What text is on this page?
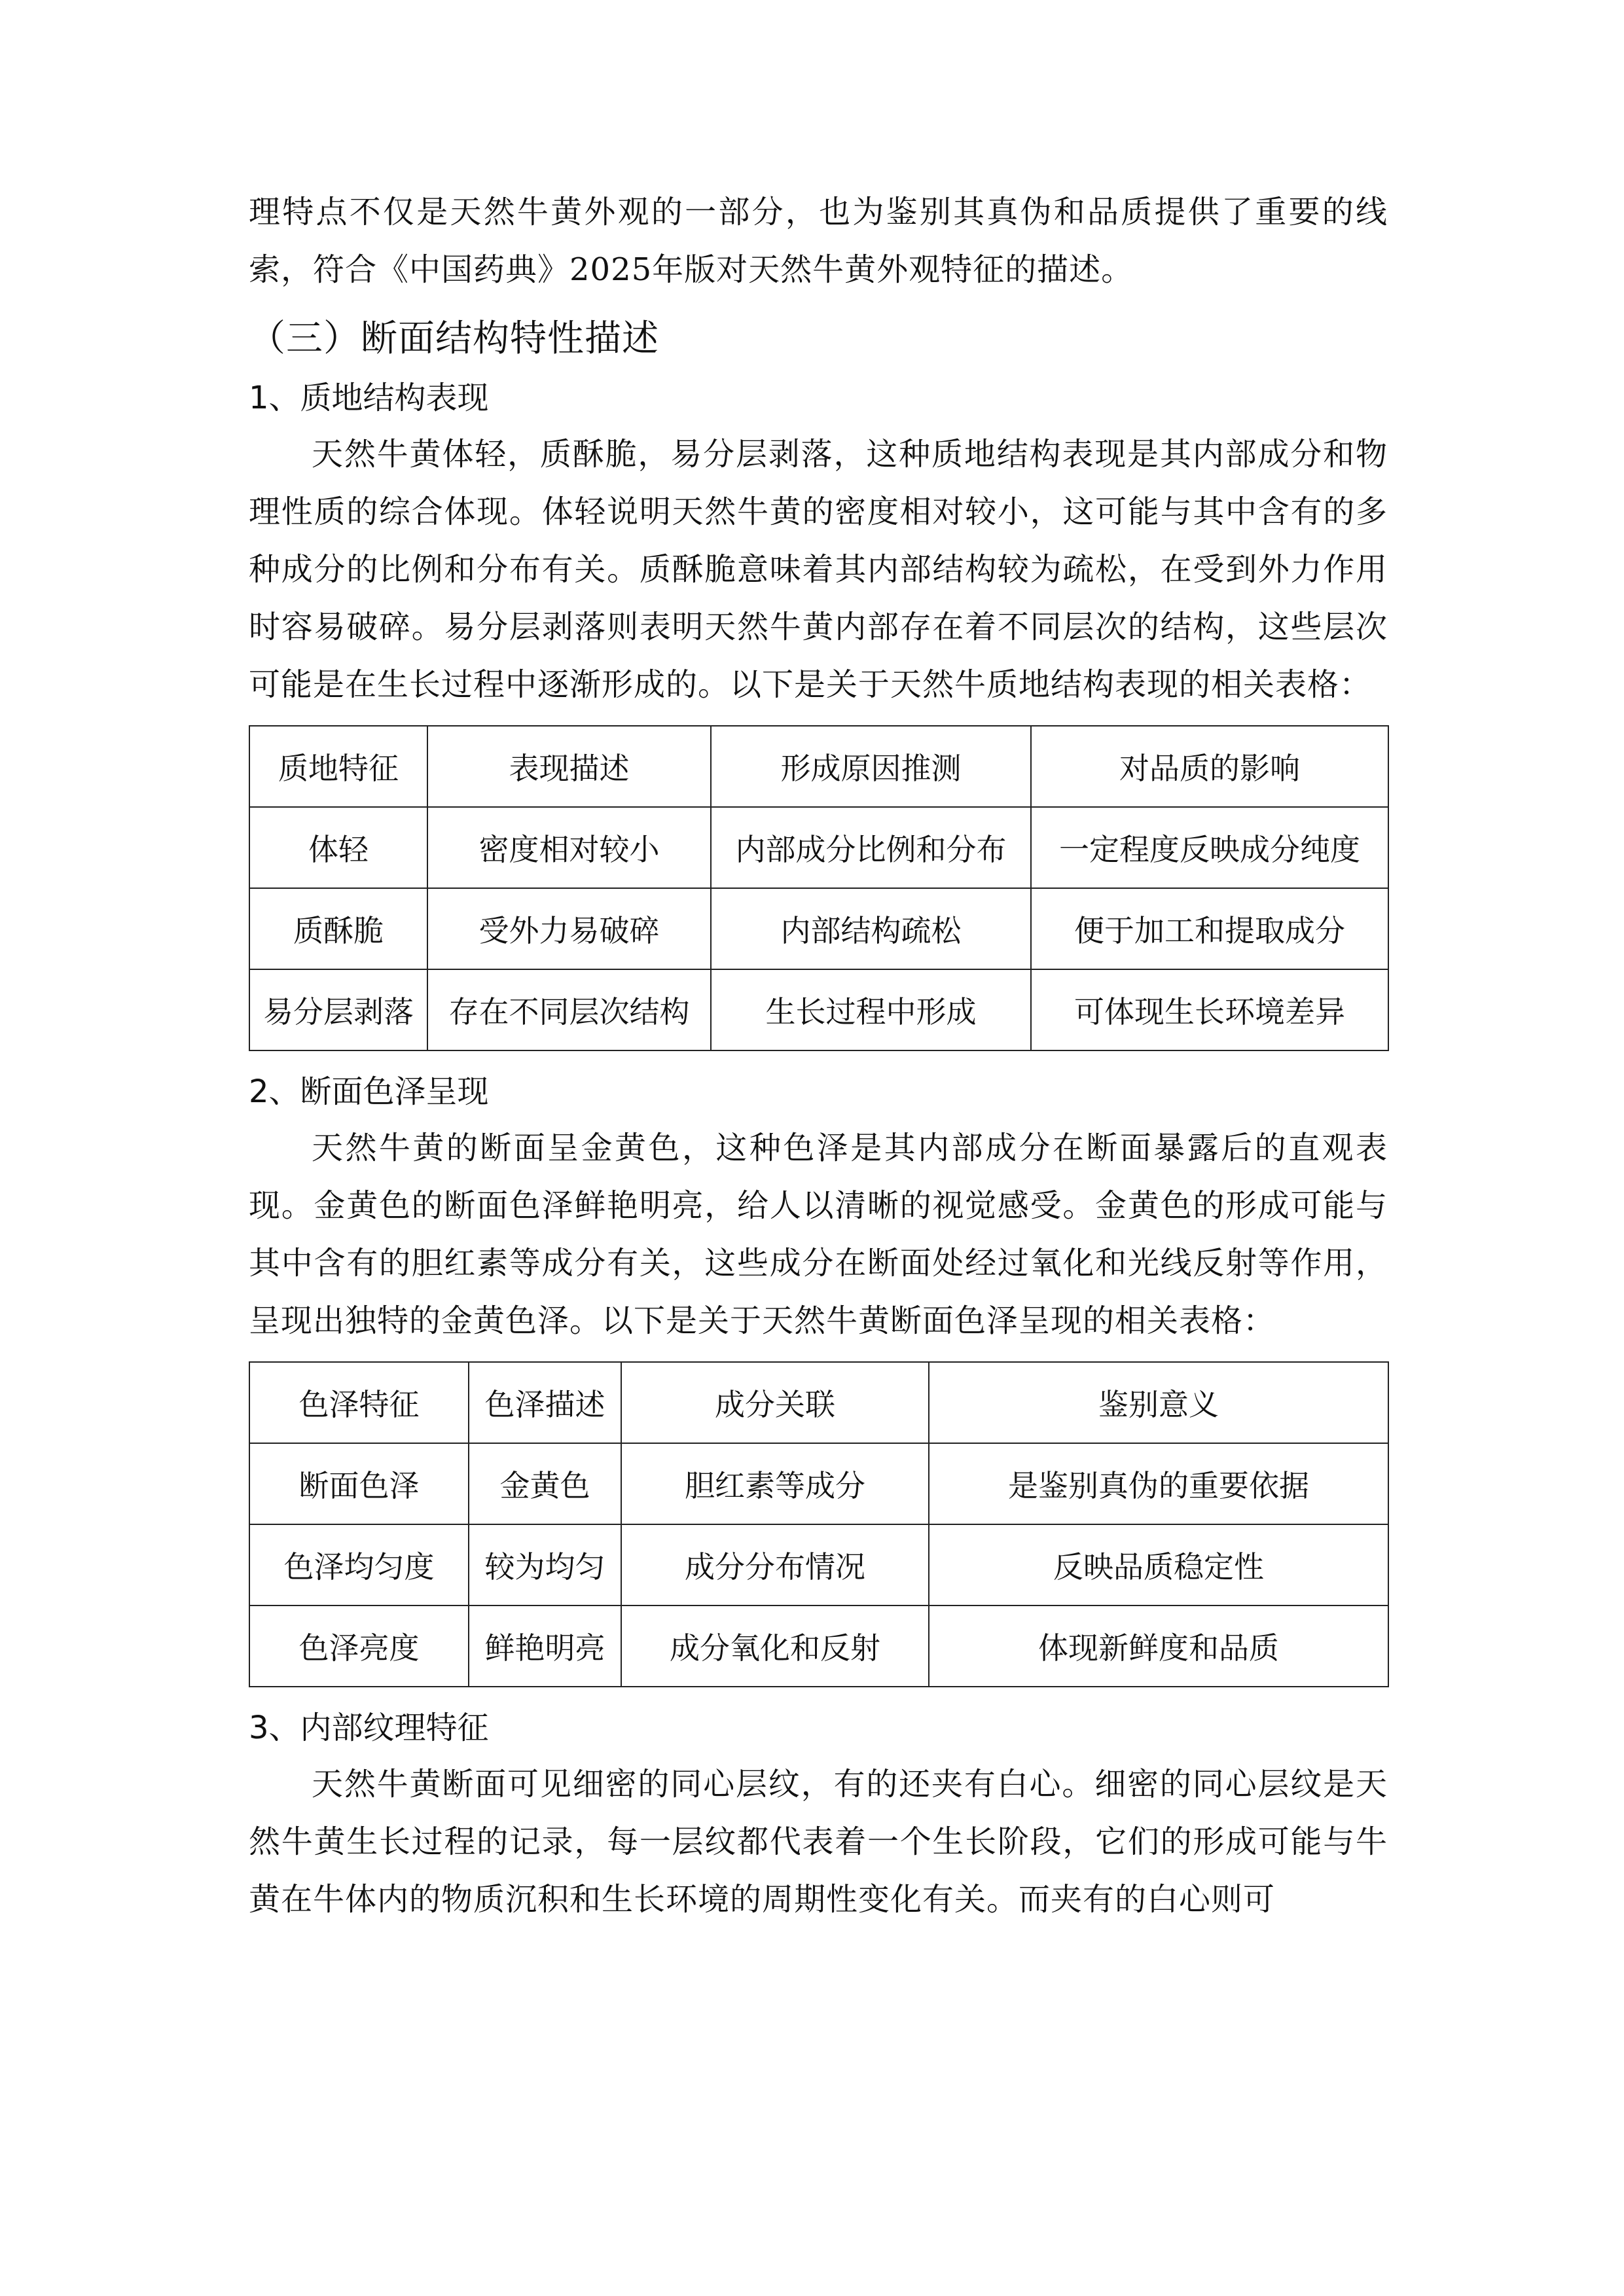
理特点不仅是天然牛黄外观的一部分，也为鉴别其真伪和品质提供了重要的线索，符合《中国药典》2025年版对天然牛黄外观特征的描述。

（三）断面结构特性描述
1、质地结构表现

天然牛黄体轻，质酥脆，易分层剥落，这种质地结构表现是其内部成分和物理性质的综合体现。体轻说明天然牛黄的密度相对较小，这可能与其中含有的多种成分的比例和分布有关。质酥脆意味着其内部结构较为疏松，在受到外力作用时容易破碎。易分层剥落则表明天然牛黄内部存在着不同层次的结构，这些层次可能是在生长过程中逐渐形成的。以下是关于天然牛质地结构表现的相关表格：

质地特征	表现描述	形成原因推测	对品质的影响
体轻	密度相对较小	内部成分比例和分布	一定程度反映成分纯度
质酥脆	受外力易破碎	内部结构疏松	便于加工和提取成分
易分层剥落	存在不同层次结构	生长过程中形成	可体现生长环境差异
2、断面色泽呈现

天然牛黄的断面呈金黄色，这种色泽是其内部成分在断面暴露后的直观表现。金黄色的断面色泽鲜艳明亮，给人以清晰的视觉感受。金黄色的形成可能与其中含有的胆红素等成分有关，这些成分在断面处经过氧化和光线反射等作用，呈现出独特的金黄色泽。以下是关于天然牛黄断面色泽呈现的相关表格：

色泽特征	色泽描述	成分关联	鉴别意义
断面色泽	金黄色	胆红素等成分	是鉴别真伪的重要依据
色泽均匀度	较为均匀	成分分布情况	反映品质稳定性
色泽亮度	鲜艳明亮	成分氧化和反射	体现新鲜度和品质
3、内部纹理特征

天然牛黄断面可见细密的同心层纹，有的还夹有白心。细密的同心层纹是天然牛黄生长过程的记录，每一层纹都代表着一个生长阶段，它们的形成可能与牛黄在牛体内的物质沉积和生长环境的周期性变化有关。而夹有的白心则可
